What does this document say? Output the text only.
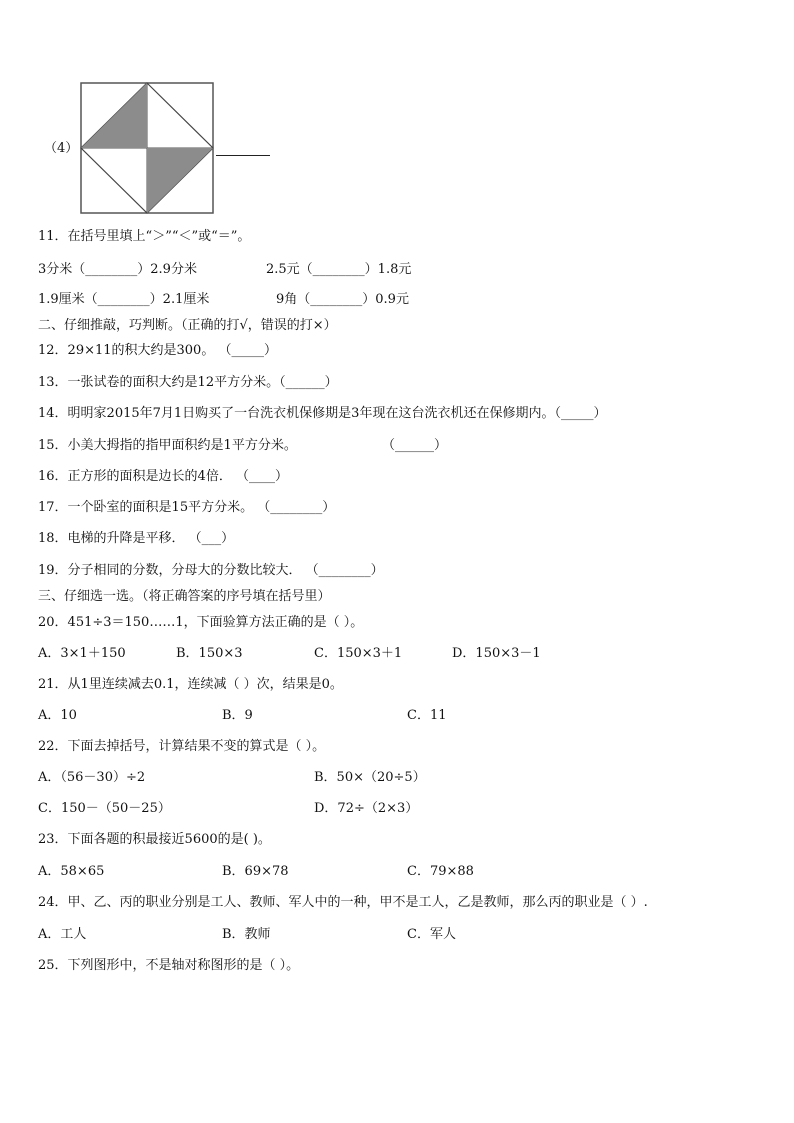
（4）
11．在括号里填上“＞”“＜”或“＝”。
3分米（________）2.9分米	2.5元（________）1.8元
1.9厘米（________）2.1厘米	9角（________）0.9元
二、仔细推敲，巧判断。（正确的打√，错误的打×）
12．29×11的积大约是300。 （_____）
13．一张试卷的面积大约是12平方分米。（______）
14．明明家2015年7月1日购买了一台洗衣机保修期是3年现在这台洗衣机还在保修期内。（_____）
15．小美大拇指的指甲面积约是1平方分米。	（______）
16．正方形的面积是边长的4倍． （____）
17．一个卧室的面积是15平方分米。 （________）
18．电梯的升降是平移． （___）
19．分子相同的分数，分母大的分数比较大． （________）
三、仔细选一选。（将正确答案的序号填在括号里）
20．451÷3＝150……1，下面验算方法正确的是（ ）。
A．3×1＋150	B．150×3	C．150×3＋1	D．150×3－1
21．从1里连续减去0.1，连续减（ ）次，结果是0。
A．10	B．9	C．11
22．下面去掉括号，计算结果不变的算式是（ ）。
A．（56－30）÷2	B．50×（20÷5）
C．150－（50－25）	D．72÷（2×3）
23．下面各题的积最接近5600的是( )。
A．58×65	B．69×78	C．79×88
24．甲、乙、丙的职业分别是工人、教师、军人中的一种，甲不是工人，乙是教师，那么丙的职业是（ ）.
A．工人	B．教师	C．军人
25．下列图形中，不是轴对称图形的是（ ）。
